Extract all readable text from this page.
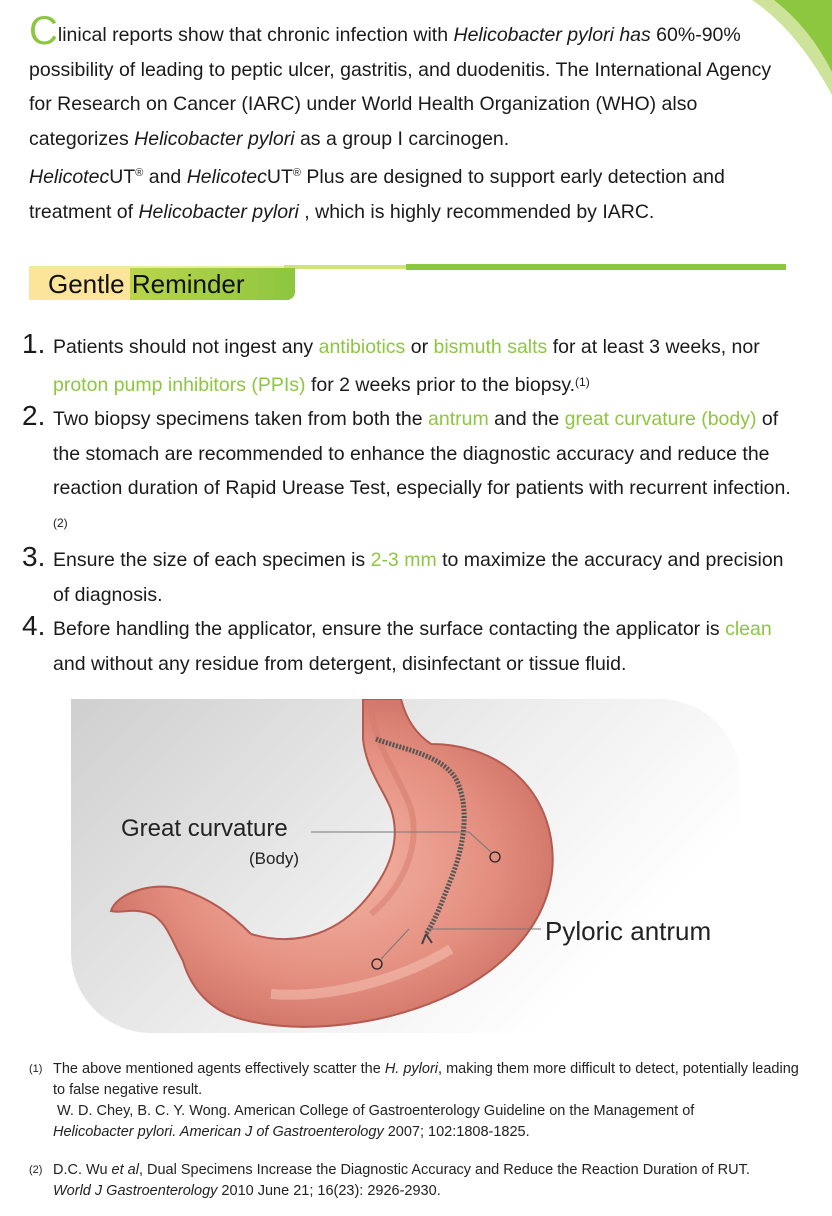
Clinical reports show that chronic infection with Helicobacter pylori has 60%-90% possibility of leading to peptic ulcer, gastritis, and duodenitis. The International Agency for Research on Cancer (IARC) under World Health Organization (WHO) also categorizes Helicobacter pylori as a group I carcinogen.
HelicotecUT® and HelicotecUT® Plus are designed to support early detection and treatment of Helicobacter pylori , which is highly recommended by IARC.

Gentle Reminder
1. Patients should not ingest any antibiotics or bismuth salts for at least 3 weeks, nor proton pump inhibitors (PPIs) for 2 weeks prior to the biopsy.$^{(1)}$
2. Two biopsy specimens taken from both the antrum and the great curvature (body) of the stomach are recommended to enhance the diagnostic accuracy and reduce the reaction duration of Rapid Urease Test, especially for patients with recurrent infection.$^{(2)}$
3. Ensure the size of each specimen is 2-3 mm to maximize the accuracy and precision of diagnosis.
4. Before handling the applicator, ensure the surface contacting the applicator is clean and without any residue from detergent, disinfectant or tissue fluid.
Great curvature
(Body)
Pyloric antrum
(1) The above mentioned agents effectively scatter the H. pylori, making them more difficult to detect, potentially leading to false negative result.
W. D. Chey, B. C. Y. Wong. American College of Gastroenterology Guideline on the Management of
Helicobacter pylori. American J of Gastroenterology 2007; 102:1808-1825.
(2) D.C. Wu et al, Dual Specimens Increase the Diagnostic Accuracy and Reduce the Reaction Duration of RUT.
World J Gastroenterology 2010 June 21; 16(23): 2926-2930.
